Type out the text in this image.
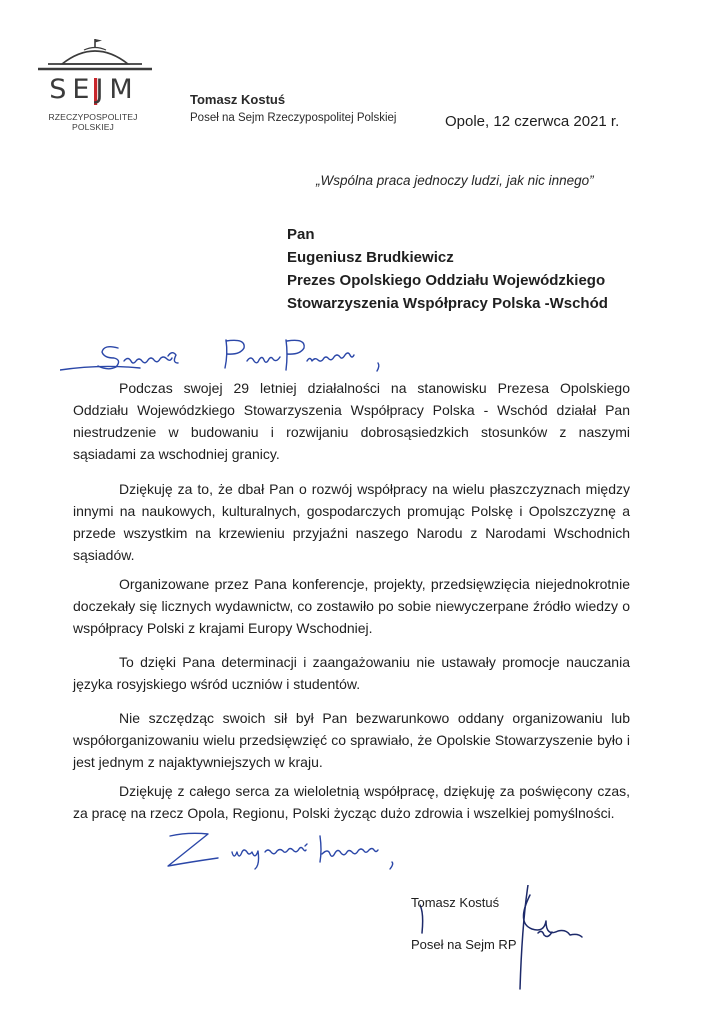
SEJM
RZECZYPOSPOLITEJ POLSKIEJ
Tomasz Kostuś
Poseł na Sejm Rzeczypospolitej Polskiej	Opole, 12 czerwca 2021 r.
„Wspólna praca jednoczy ludzi, jak nic innego”
Pan
Eugeniusz Brudkiewicz
Prezes Opolskiego Oddziału Wojewódzkiego
Stowarzyszenia Współpracy Polska -Wschód

Podczas swojej 29 letniej działalności na stanowisku Prezesa Opolskiego Oddziału Wojewódzkiego Stowarzyszenia Współpracy Polska - Wschód działał Pan niestrudzenie w budowaniu i rozwijaniu dobrosąsiedzkich stosunków z naszymi sąsiadami za wschodniej granicy.

Dziękuję za to, że dbał Pan o rozwój współpracy na wielu płaszczyznach między innymi na naukowych, kulturalnych, gospodarczych promując Polskę i Opolszczyznę a przede wszystkim na krzewieniu przyjaźni naszego Narodu z Narodami Wschodnich sąsiadów.

Organizowane przez Pana konferencje, projekty, przedsięwzięcia niejednokrotnie doczekały się licznych wydawnictw, co zostawiło po sobie niewyczerpane źródło wiedzy o współpracy Polski z krajami Europy Wschodniej.

To dzięki Pana determinacji i zaangażowaniu nie ustawały promocje nauczania języka rosyjskiego wśród uczniów i studentów.

Nie szczędząc swoich sił był Pan bezwarunkowo oddany organizowaniu lub współorganizowaniu wielu przedsięwzięć co sprawiało, że Opolskie Stowarzyszenie było i jest jednym z najaktywniejszych w kraju.

Dziękuję z całego serca za wieloletnią współpracę, dziękuję za poświęcony czas, za pracę na rzecz Opola, Regionu, Polski życząc dużo zdrowia i wszelkiej pomyślności.

Tomasz Kostuś
Poseł na Sejm RP
